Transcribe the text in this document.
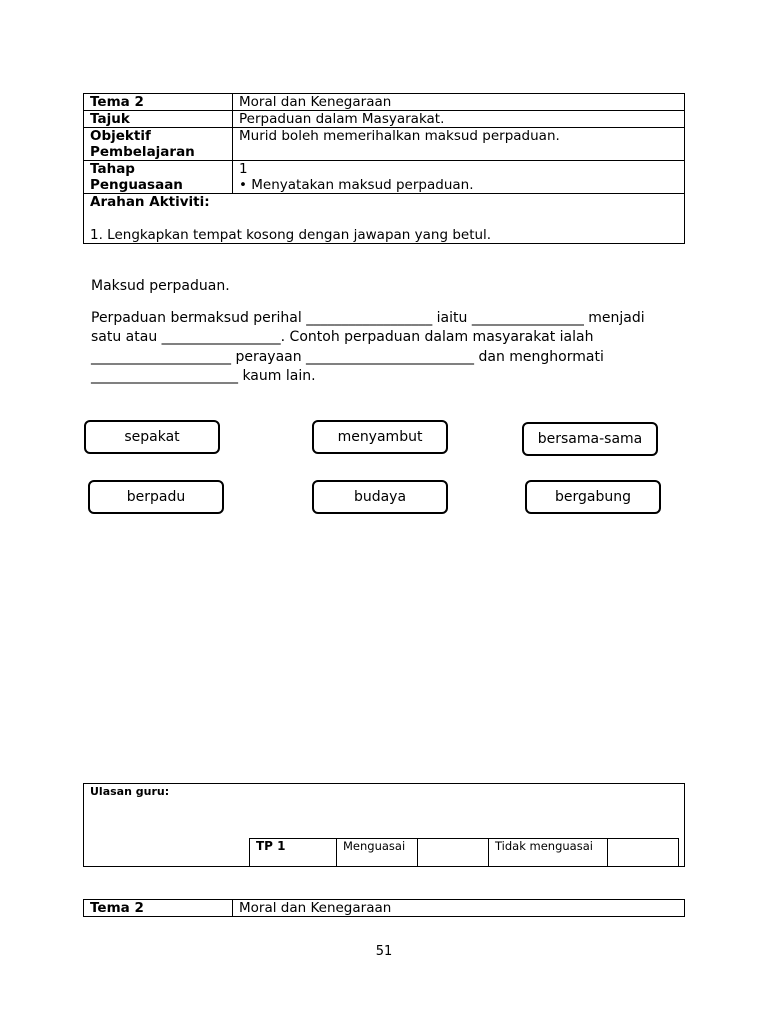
Tema 2	Moral dan Kenegaraan

Tajuk	Perpaduan dalam Masyarakat.

Objektif
Pembelajaran	Murid boleh memerihalkan maksud perpaduan.

Tahap
Penguasaan	1
• Menyatakan maksud perpaduan.

Arahan Aktiviti:
1. Lengkapkan tempat kosong dengan jawapan yang betul.	
Maksud perpaduan.
Perpaduan bermaksud perihal __________________ iaitu ________________ menjadi
satu atau _________________. Contoh perpaduan dalam masyarakat ialah
____________________ perayaan ________________________ dan menghormati
_____________________ kaum lain.
sepakat	menyambut	bersama-sama
berpadu	budaya	bergabung
Ulasan guru:
TP 1	Menguasai		Tidak menguasai	
Tema 2	Moral dan Kenegaraan
51
